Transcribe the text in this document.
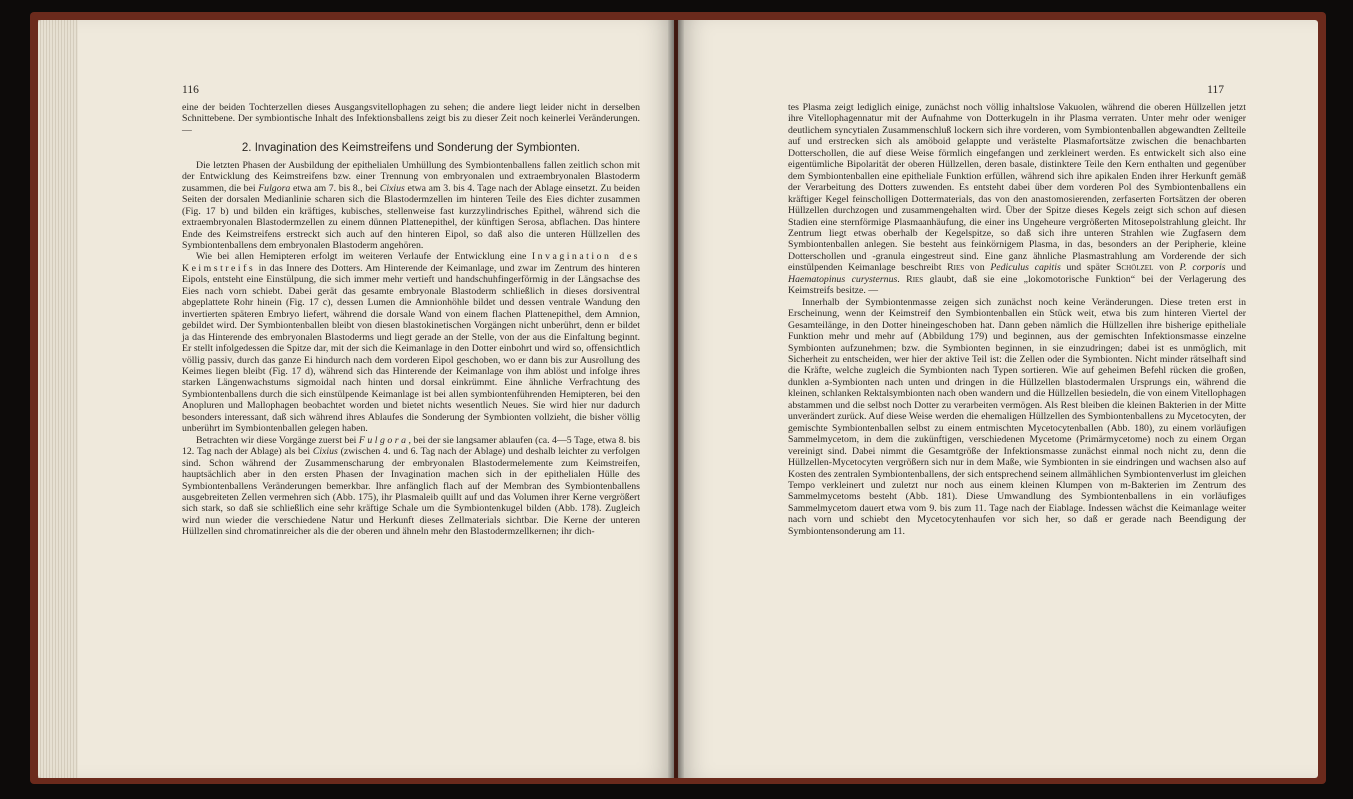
116

eine der beiden Tochterzellen dieses Ausgangsvitellophagen zu sehen; die andere liegt leider nicht in derselben Schnittebene. Der symbiontische Inhalt des Infektionsballens zeigt bis zu dieser Zeit noch keinerlei Veränderungen. —

2. Invagination des Keimstreifens und Sonderung der Symbionten.

Die letzten Phasen der Ausbildung der epithelialen Umhüllung des Symbiontenballens fallen zeitlich schon mit der Entwicklung des Keimstreifens bzw. einer Trennung von embryonalen und extraembryonalen Blastoderm zusammen, die bei Fulgora etwa am 7. bis 8., bei Cixius etwa am 3. bis 4. Tage nach der Ablage einsetzt. Zu beiden Seiten der dorsalen Medianlinie scharen sich die Blastodermzellen im hinteren Teile des Eies dichter zusammen (Fig. 17 b) und bilden ein kräftiges, kubisches, stellenweise fast kurzzylindrisches Epithel, während sich die extraembryonalen Blastodermzellen zu einem dünnen Plattenepithel, der künftigen Serosa, abflachen. Das hintere Ende des Keimstreifens erstreckt sich auch auf den hinteren Eipol, so daß also die unteren Hüllzellen des Symbiontenballens dem embryonalen Blastoderm angehören.

Wie bei allen Hemipteren erfolgt im weiteren Verlaufe der Entwicklung eine Invagination des Keimstreifs in das Innere des Dotters. Am Hinterende der Keimanlage, und zwar im Zentrum des hinteren Eipols, entsteht eine Einstülpung, die sich immer mehr vertieft und handschuhfingerförmig in der Längsachse des Eies nach vorn schiebt. Dabei gerät das gesamte embryonale Blastoderm schließlich in dieses dorsiventral abgeplattete Rohr hinein (Fig. 17 c), dessen Lumen die Amnionhöhle bildet und dessen ventrale Wandung den invertierten späteren Embryo liefert, während die dorsale Wand von einem flachen Plattenepithel, dem Amnion, gebildet wird. Der Symbiontenballen bleibt von diesen blastokinetischen Vorgängen nicht unberührt, denn er bildet ja das Hinterende des embryonalen Blastoderms und liegt gerade an der Stelle, von der aus die Einfaltung beginnt. Er stellt infolgedessen die Spitze dar, mit der sich die Keimanlage in den Dotter einbohrt und wird so, offensichtlich völlig passiv, durch das ganze Ei hindurch nach dem vorderen Eipol geschoben, wo er dann bis zur Ausrollung des Keimes liegen bleibt (Fig. 17 d), während sich das Hinterende der Keimanlage von ihm ablöst und infolge ihres starken Längenwachstums sigmoidal nach hinten und dorsal einkrümmt. Eine ähnliche Verfrachtung des Symbiontenballens durch die sich einstülpende Keimanlage ist bei allen symbiontenführenden Hemipteren, bei den Anopluren und Mallophagen beobachtet worden und bietet nichts wesentlich Neues. Sie wird hier nur dadurch besonders interessant, daß sich während ihres Ablaufes die Sonderung der Symbionten vollzieht, die bisher völlig unberührt im Symbiontenballen gelegen haben.

Betrachten wir diese Vorgänge zuerst bei Fulgora, bei der sie langsamer ablaufen (ca. 4—5 Tage, etwa 8. bis 12. Tag nach der Ablage) als bei Cixius (zwischen 4. und 6. Tag nach der Ablage) und deshalb leichter zu verfolgen sind. Schon während der Zusammenscharung der embryonalen Blastodermelemente zum Keimstreifen, hauptsächlich aber in den ersten Phasen der Invagination machen sich in der epithelialen Hülle des Symbiontenballens Veränderungen bemerkbar. Ihre anfänglich flach auf der Membran des Symbiontenballens ausgebreiteten Zellen vermehren sich (Abb. 175), ihr Plasmaleib quillt auf und das Volumen ihrer Kerne vergrößert sich stark, so daß sie schließlich eine sehr kräftige Schale um die Symbiontenkugel bilden (Abb. 178). Zugleich wird nun wieder die verschiedene Natur und Herkunft dieses Zellmaterials sichtbar. Die Kerne der unteren Hüllzellen sind chromatinreicher als die der oberen und ähneln mehr den Blastodermzellkernen; ihr dich-

117

tes Plasma zeigt lediglich einige, zunächst noch völlig inhaltslose Vakuolen, während die oberen Hüllzellen jetzt ihre Vitellophagennatur mit der Aufnahme von Dotterkugeln in ihr Plasma verraten. Unter mehr oder weniger deutlichem syncytialen Zusammenschluß lockern sich ihre vorderen, vom Symbiontenballen abgewandten Zellteile auf und erstrecken sich als amöboid gelappte und verästelte Plasmafortsätze zwischen die benachbarten Dotterschollen, die auf diese Weise förmlich eingefangen und zerkleinert werden. Es entwickelt sich also eine eigentümliche Bipolarität der oberen Hüllzellen, deren basale, distinktere Teile den Kern enthalten und gegenüber dem Symbiontenballen eine epitheliale Funktion erfüllen, während sich ihre apikalen Enden ihrer Herkunft gemäß der Verarbeitung des Dotters zuwenden. Es entsteht dabei über dem vorderen Pol des Symbiontenballens ein kräftiger Kegel feinscholligen Dottermaterials, das von den anastomosierenden, zerfaserten Fortsätzen der oberen Hüllzellen durchzogen und zusammengehalten wird. Über der Spitze dieses Kegels zeigt sich schon auf diesen Stadien eine sternförmige Plasmaanhäufung, die einer ins Ungeheure vergrößerten Mitosepolstrahlung gleicht. Ihr Zentrum liegt etwas oberhalb der Kegelspitze, so daß sich ihre unteren Strahlen wie Zugfasern dem Symbiontenballen anlegen. Sie besteht aus feinkörnigem Plasma, in das, besonders an der Peripherie, kleine Dotterschollen und -granula eingestreut sind. Eine ganz ähnliche Plasmastrahlung am Vorderende der sich einstülpenden Keimanlage beschreibt Ries von Pediculus capitis und später Schölzel von P. corporis und Haematopinus curysternus. Ries glaubt, daß sie eine „lokomotorische Funktion“ bei der Verlagerung des Keimstreifs besitze. —

Innerhalb der Symbiontenmasse zeigen sich zunächst noch keine Veränderungen. Diese treten erst in Erscheinung, wenn der Keimstreif den Symbiontenballen ein Stück weit, etwa bis zum hinteren Viertel der Gesamteilänge, in den Dotter hineingeschoben hat. Dann geben nämlich die Hüllzellen ihre bisherige epitheliale Funktion mehr und mehr auf (Abbildung 179) und beginnen, aus der gemischten Infektionsmasse einzelne Symbionten aufzunehmen; bzw. die Symbionten beginnen, in sie einzudringen; dabei ist es unmöglich, mit Sicherheit zu entscheiden, wer hier der aktive Teil ist: die Zellen oder die Symbionten. Nicht minder rätselhaft sind die Kräfte, welche zugleich die Symbionten nach Typen sortieren. Wie auf geheimen Befehl rücken die großen, dunklen a-Symbionten nach unten und dringen in die Hüllzellen blastodermalen Ursprungs ein, während die kleinen, schlanken Rektalsymbionten nach oben wandern und die Hüllzellen besiedeln, die von einem Vitellophagen abstammen und die selbst noch Dotter zu verarbeiten vermögen. Als Rest bleiben die kleinen Bakterien in der Mitte unverändert zurück. Auf diese Weise werden die ehemaligen Hüllzellen des Symbiontenballens zu Mycetocyten, der gemischte Symbiontenballen selbst zu einem entmischten Mycetocytenballen (Abb. 180), zu einem vorläufigen Sammelmycetom, in dem die zukünftigen, verschiedenen Mycetome (Primärmycetome) noch zu einem Organ vereinigt sind. Dabei nimmt die Gesamtgröße der Infektionsmasse zunächst einmal noch nicht zu, denn die Hüllzellen-Mycetocyten vergrößern sich nur in dem Maße, wie Symbionten in sie eindringen und wachsen also auf Kosten des zentralen Symbiontenballens, der sich entsprechend seinem allmählichen Symbiontenverlust im gleichen Tempo verkleinert und zuletzt nur noch aus einem kleinen Klumpen von m-Bakterien im Zentrum des Sammelmycetoms besteht (Abb. 181). Diese Umwandlung des Symbiontenballens in ein vorläufiges Sammelmycetom dauert etwa vom 9. bis zum 11. Tage nach der Eiablage. Indessen wächst die Keimanlage weiter nach vorn und schiebt den Mycetocytenhaufen vor sich her, so daß er gerade nach Beendigung der Symbiontensonderung am 11.
